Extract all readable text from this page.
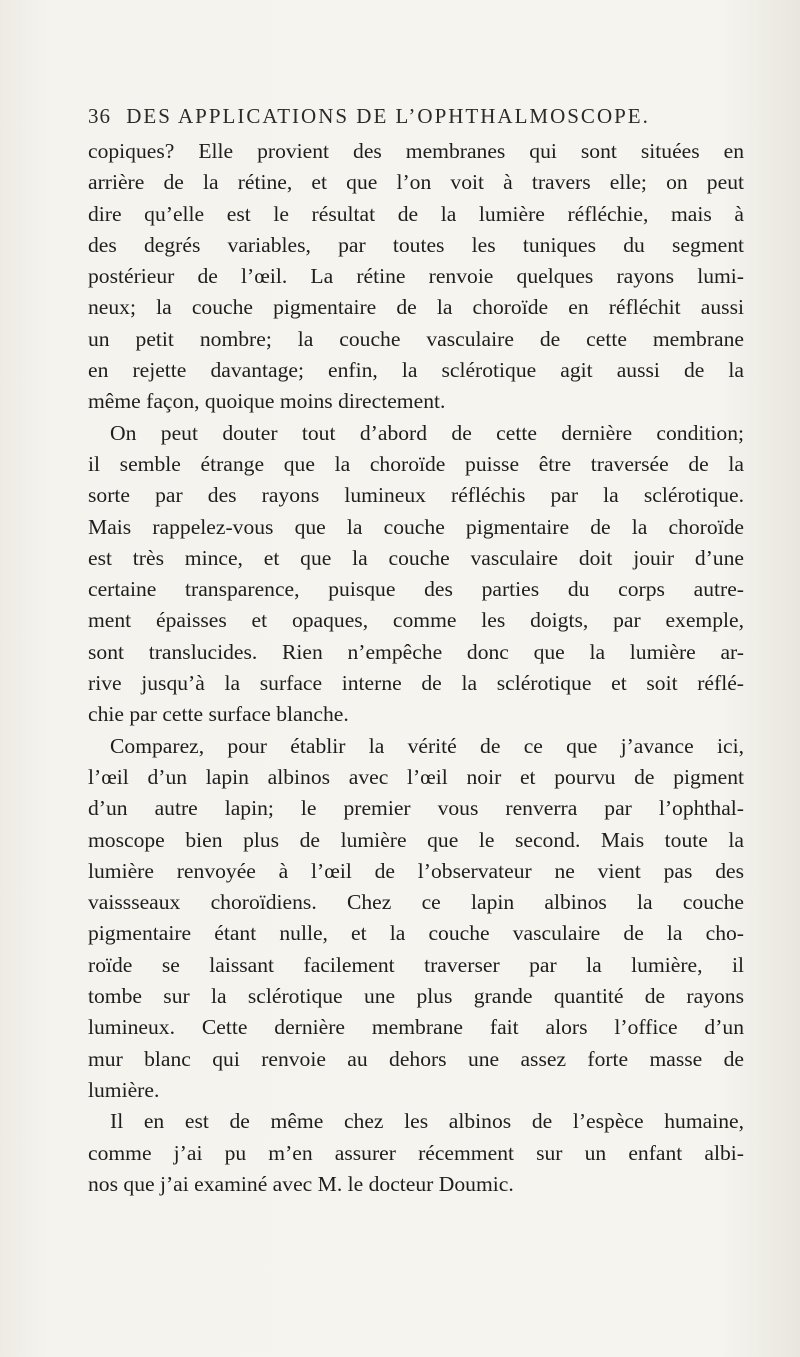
36 DES APPLICATIONS DE L’OPHTHALMOSCOPE.
copiques? Elle provient des membranes qui sont situées en
arrière de la rétine, et que l’on voit à travers elle; on peut
dire qu’elle est le résultat de la lumière réfléchie, mais à
des degrés variables, par toutes les tuniques du segment
postérieur de l’œil. La rétine renvoie quelques rayons lumi-
neux; la couche pigmentaire de la choroïde en réfléchit aussi
un petit nombre; la couche vasculaire de cette membrane
en rejette davantage; enfin, la sclérotique agit aussi de la
même façon, quoique moins directement.
On peut douter tout d’abord de cette dernière condition;
il semble étrange que la choroïde puisse être traversée de la
sorte par des rayons lumineux réfléchis par la sclérotique.
Mais rappelez-vous que la couche pigmentaire de la choroïde
est très mince, et que la couche vasculaire doit jouir d’une
certaine transparence, puisque des parties du corps autre-
ment épaisses et opaques, comme les doigts, par exemple,
sont translucides. Rien n’empêche donc que la lumière ar-
rive jusqu’à la surface interne de la sclérotique et soit réflé-
chie par cette surface blanche.
Comparez, pour établir la vérité de ce que j’avance ici,
l’œil d’un lapin albinos avec l’œil noir et pourvu de pigment
d’un autre lapin; le premier vous renverra par l’ophthal-
moscope bien plus de lumière que le second. Mais toute la
lumière renvoyée à l’œil de l’observateur ne vient pas des
vaissseaux choroïdiens. Chez ce lapin albinos la couche
pigmentaire étant nulle, et la couche vasculaire de la cho-
roïde se laissant facilement traverser par la lumière, il
tombe sur la sclérotique une plus grande quantité de rayons
lumineux. Cette dernière membrane fait alors l’office d’un
mur blanc qui renvoie au dehors une assez forte masse de
lumière.
Il en est de même chez les albinos de l’espèce humaine,
comme j’ai pu m’en assurer récemment sur un enfant albi-
nos que j’ai examiné avec M. le docteur Doumic.
